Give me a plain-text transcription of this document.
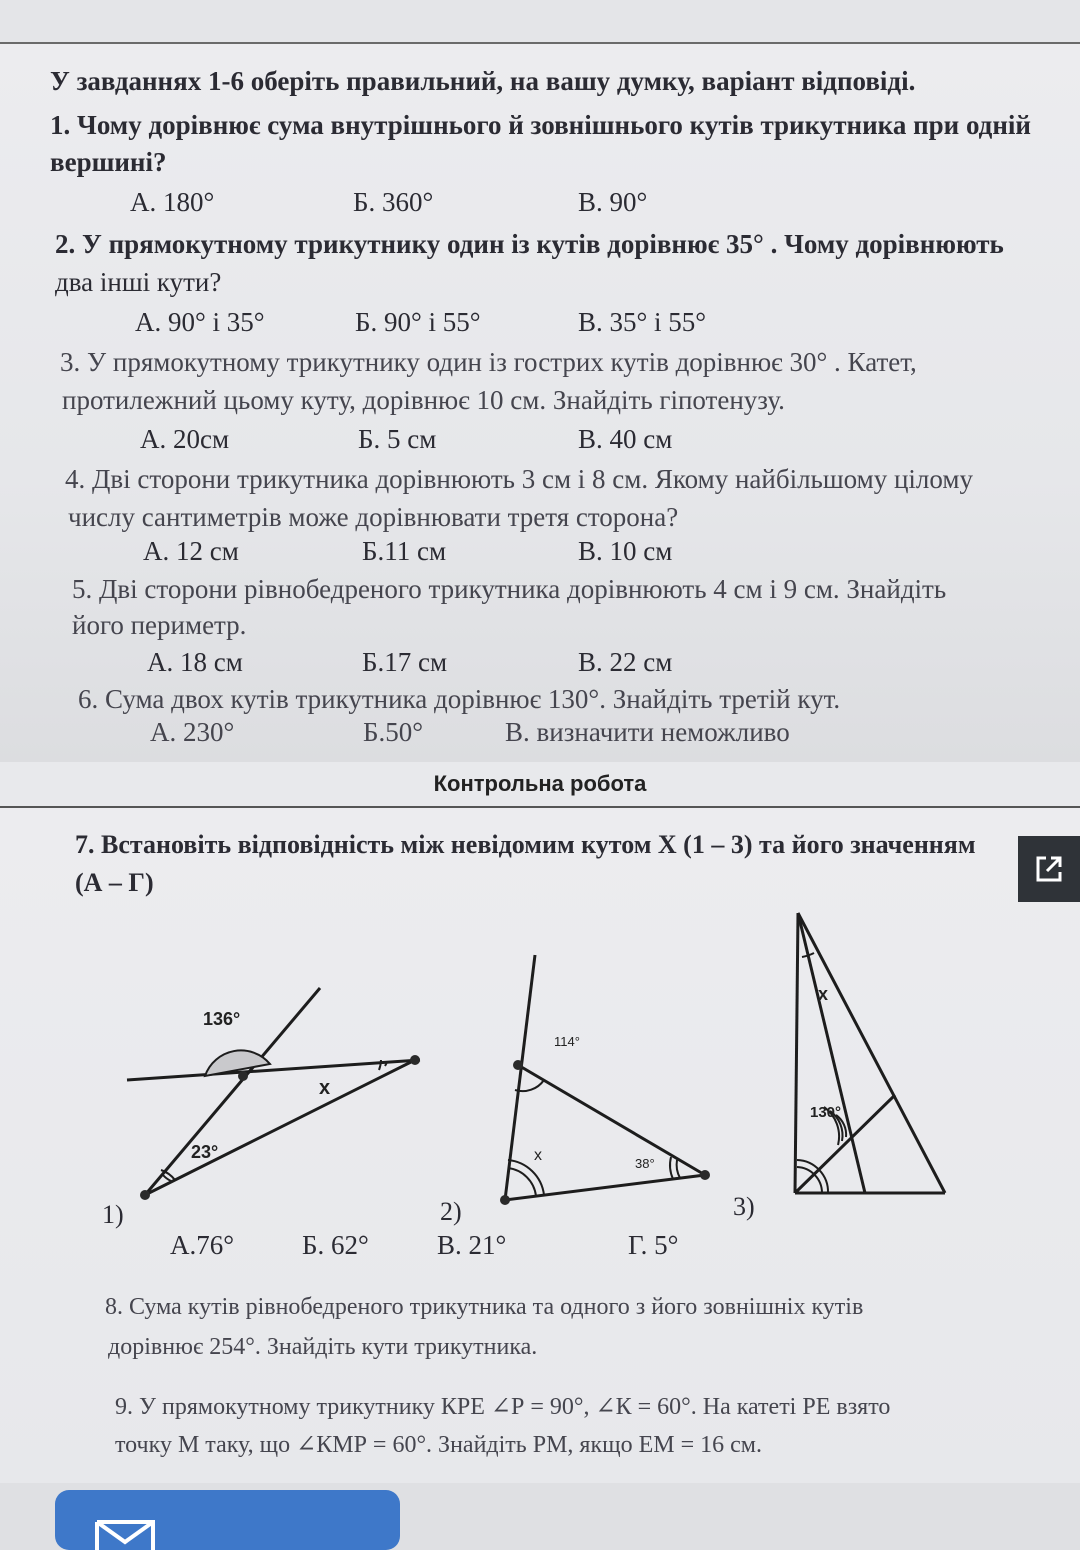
У завданнях 1-6 оберіть правильний, на вашу думку, варіант відповіді.
1. Чому дорівнює сума внутрішнього й зовнішнього кутів трикутника при одній
вершині?
А. 180°	Б. 360°	В. 90°
2. У прямокутному трикутнику один із кутів дорівнює 35° . Чому дорівнюють
два інші кути?
А. 90° і 35°	Б. 90° і 55°	В. 35° і 55°
3. У прямокутному трикутнику один із гострих кутів дорівнює 30° . Катет,
протилежний цьому куту, дорівнює 10 см. Знайдіть гіпотенузу.
А. 20см	Б. 5 см	В. 40 см
4. Дві сторони трикутника дорівнюють 3 см і 8 см. Якому найбільшому цілому
числу сантиметрів може дорівнювати третя сторона?
А. 12 см	Б.11 см	В. 10 см
5. Дві сторони рівнобедреного трикутника дорівнюють 4 см і 9 см. Знайдіть
його периметр.
А. 18 см	Б.17 см	В. 22 см
6. Сума двох кутів трикутника дорівнює 130°. Знайдіть третій кут.
А. 230°	Б.50°	В. визначити неможливо
Контрольна робота
7. Встановіть відповідність між невідомим кутом Х (1 – 3) та його значенням
(А – Г)
136°
23°
x
1)
114°
38°
x
2)
x
130°
3)
А.76°	Б. 62°	В. 21°	Г. 5°
8. Сума кутів рівнобедреного трикутника та одного з його зовнішніх кутів
дорівнює 254°. Знайдіть кути трикутника.
9. У прямокутному трикутнику КРЕ ∠Р = 90°, ∠К = 60°. На катеті РЕ взято
точку М таку, що ∠КМР = 60°. Знайдіть РМ, якщо ЕМ = 16 см.
